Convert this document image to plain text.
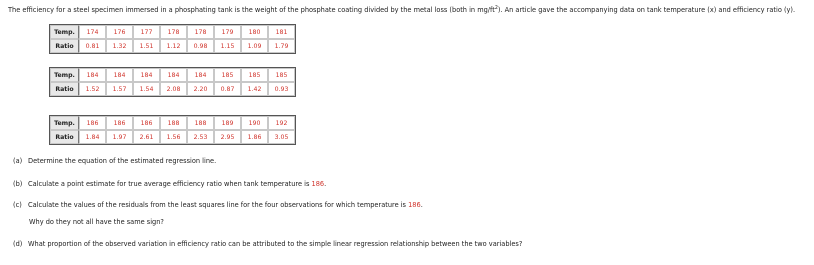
The efficiency for a steel specimen immersed in a phosphating tank is the weight of the phosphate coating divided by the metal loss (both in $mg/ft^2$). An article gave the accompanying data on tank temperature (x) and efficiency ratio (y).
Temp.	174	176	177	178	178	179	180	181
Ratio	0.81	1.32	1.51	1.12	0.98	1.15	1.09	1.79
Temp.	184	184	184	184	184	185	185	185
Ratio	1.52	1.57	1.54	2.08	2.20	0.87	1.42	0.93
Temp.	186	186	186	188	188	189	190	192
Ratio	1.84	1.97	2.61	1.56	2.53	2.95	1.86	3.05
(a) Determine the equation of the estimated regression line.
(b) Calculate a point estimate for true average efficiency ratio when tank temperature is 186.
(c) Calculate the values of the residuals from the least squares line for the four observations for which temperature is 186.
Why do they not all have the same sign?
(d) What proportion of the observed variation in efficiency ratio can be attributed to the simple linear regression relationship between the two variables?
